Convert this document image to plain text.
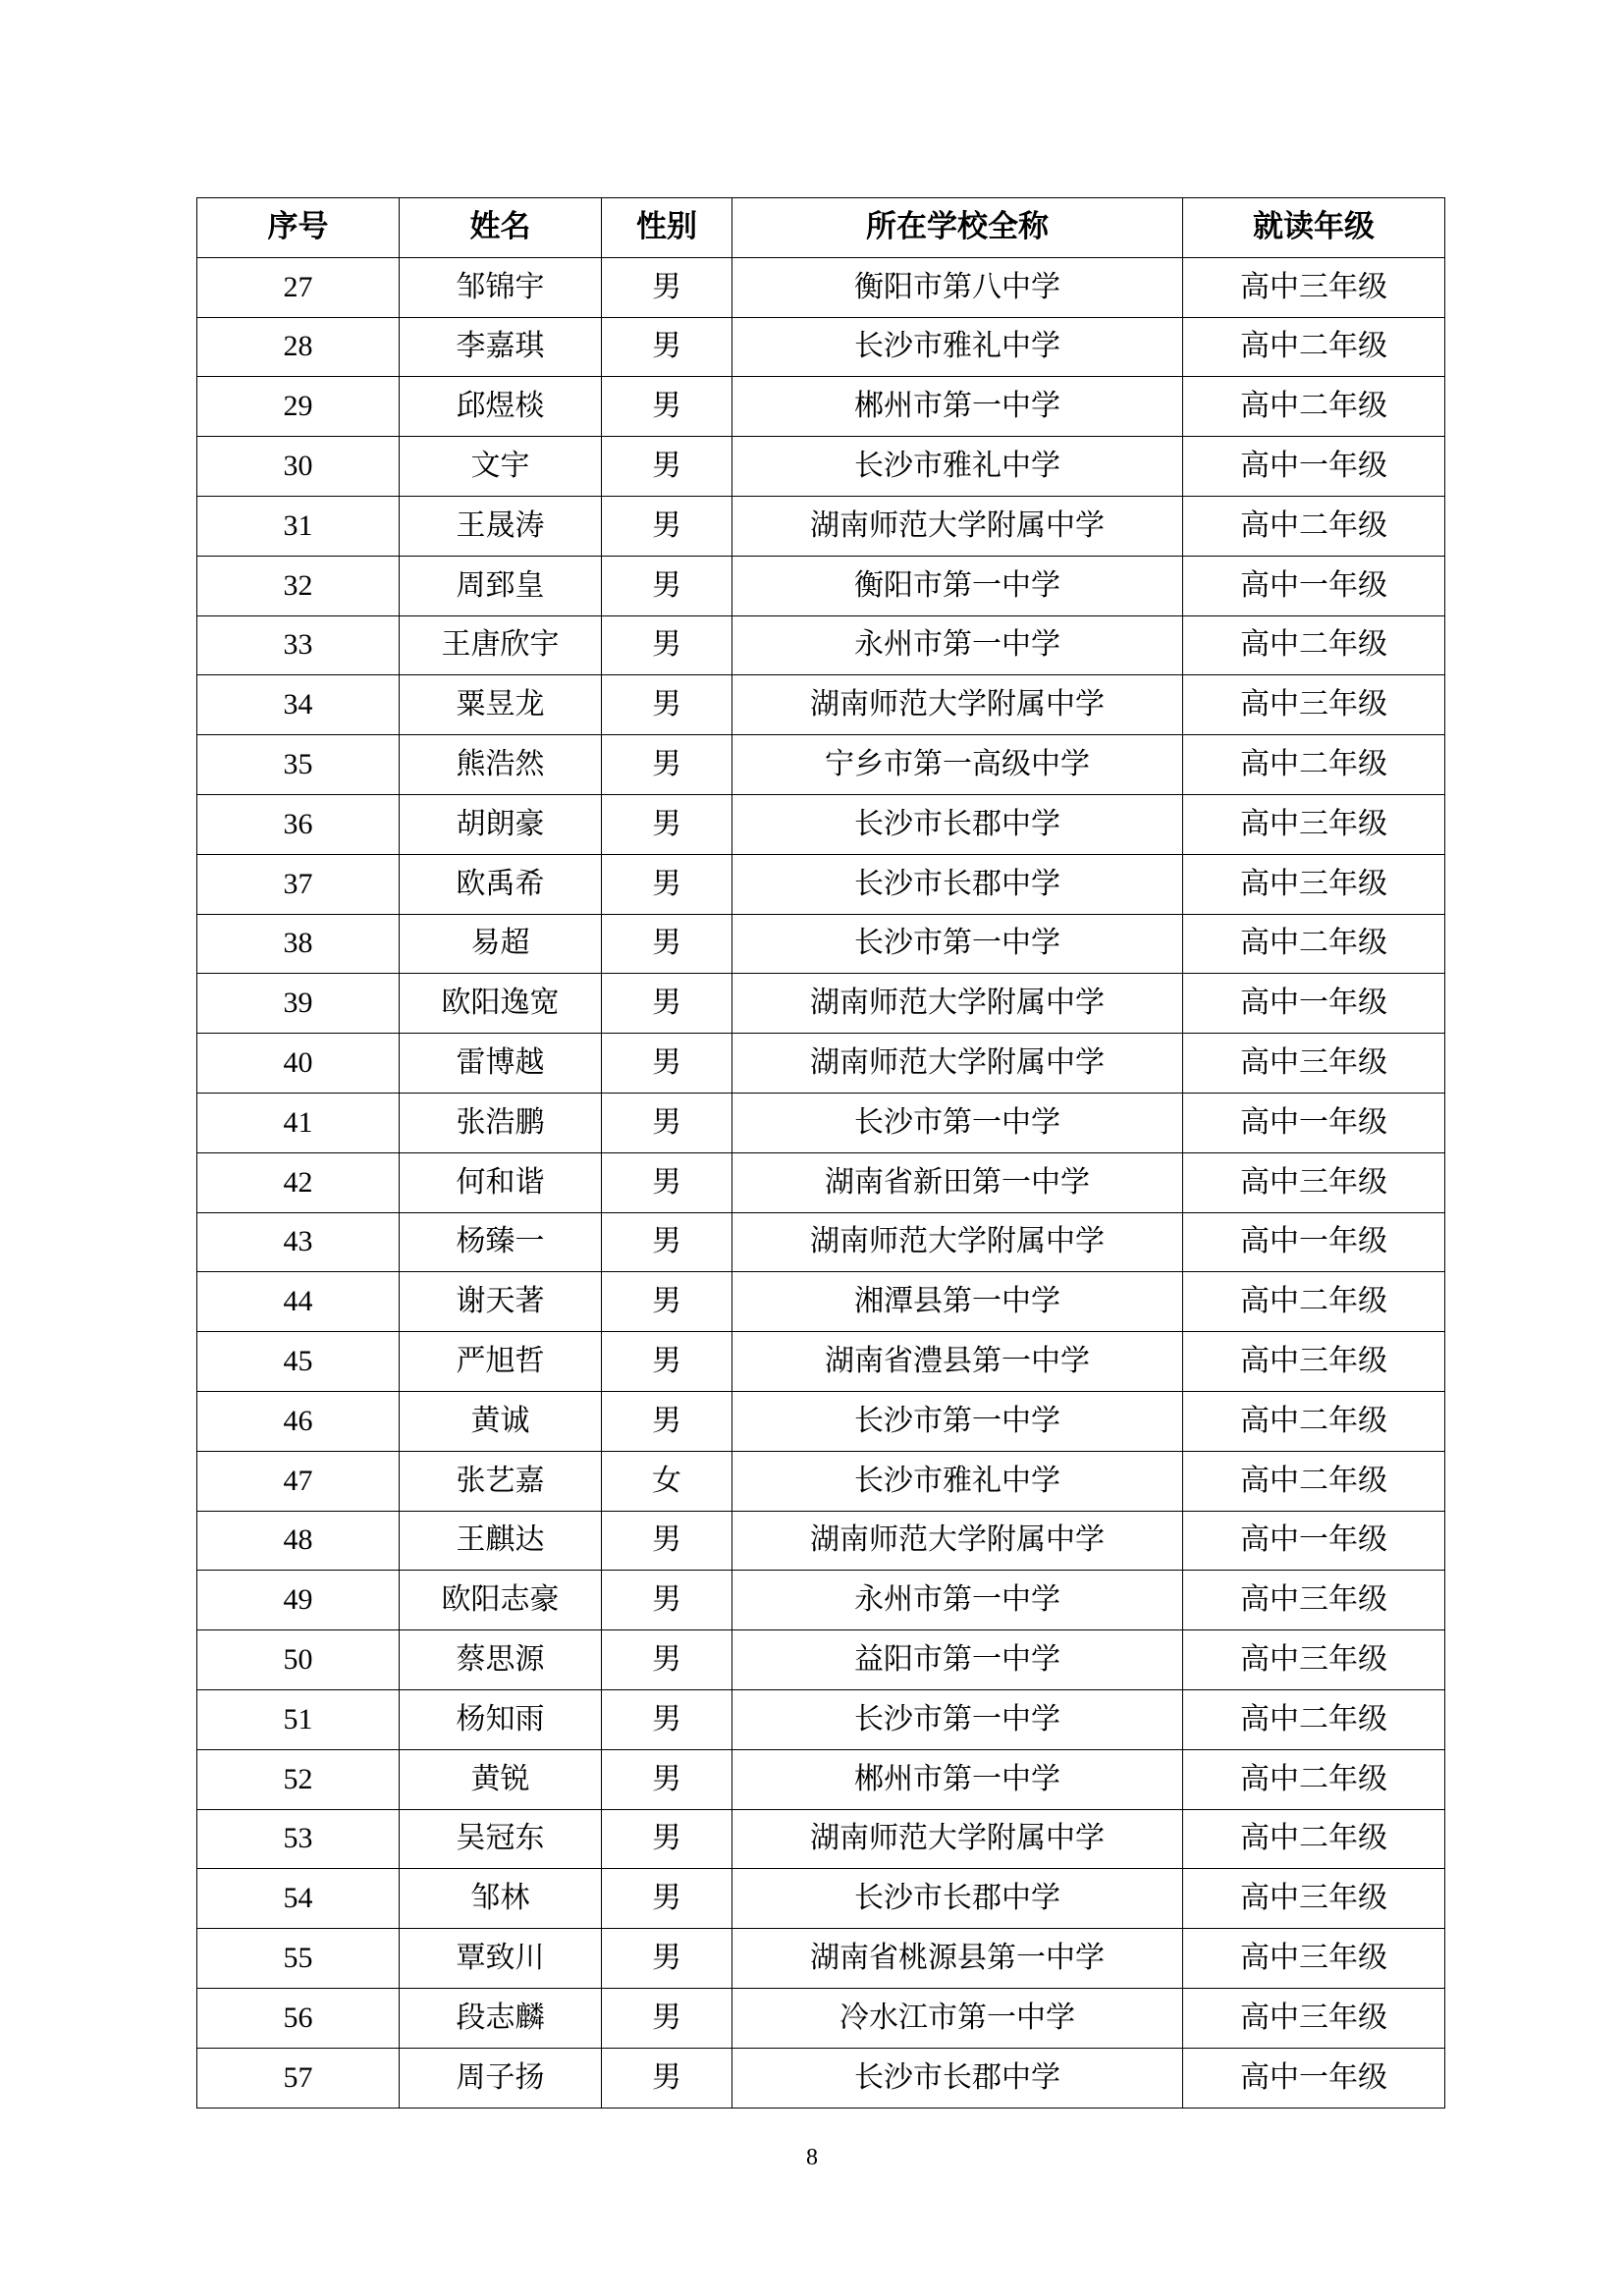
序号	姓名	性别	所在学校全称	就读年级
27	邹锦宇	男	衡阳市第八中学	高中三年级
28	李嘉琪	男	长沙市雅礼中学	高中二年级
29	邱煜棪	男	郴州市第一中学	高中二年级
30	文宇	男	长沙市雅礼中学	高中一年级
31	王晟涛	男	湖南师范大学附属中学	高中二年级
32	周郅皇	男	衡阳市第一中学	高中一年级
33	王唐欣宇	男	永州市第一中学	高中二年级
34	粟昱龙	男	湖南师范大学附属中学	高中三年级
35	熊浩然	男	宁乡市第一高级中学	高中二年级
36	胡朗豪	男	长沙市长郡中学	高中三年级
37	欧禹希	男	长沙市长郡中学	高中三年级
38	易超	男	长沙市第一中学	高中二年级
39	欧阳逸宽	男	湖南师范大学附属中学	高中一年级
40	雷博越	男	湖南师范大学附属中学	高中三年级
41	张浩鹏	男	长沙市第一中学	高中一年级
42	何和谐	男	湖南省新田第一中学	高中三年级
43	杨臻一	男	湖南师范大学附属中学	高中一年级
44	谢天著	男	湘潭县第一中学	高中二年级
45	严旭哲	男	湖南省澧县第一中学	高中三年级
46	黄诚	男	长沙市第一中学	高中二年级
47	张艺嘉	女	长沙市雅礼中学	高中二年级
48	王麒达	男	湖南师范大学附属中学	高中一年级
49	欧阳志豪	男	永州市第一中学	高中三年级
50	蔡思源	男	益阳市第一中学	高中三年级
51	杨知雨	男	长沙市第一中学	高中二年级
52	黄锐	男	郴州市第一中学	高中二年级
53	吴冠东	男	湖南师范大学附属中学	高中二年级
54	邹林	男	长沙市长郡中学	高中三年级
55	覃致川	男	湖南省桃源县第一中学	高中三年级
56	段志麟	男	冷水江市第一中学	高中三年级
57	周子扬	男	长沙市长郡中学	高中一年级
8
